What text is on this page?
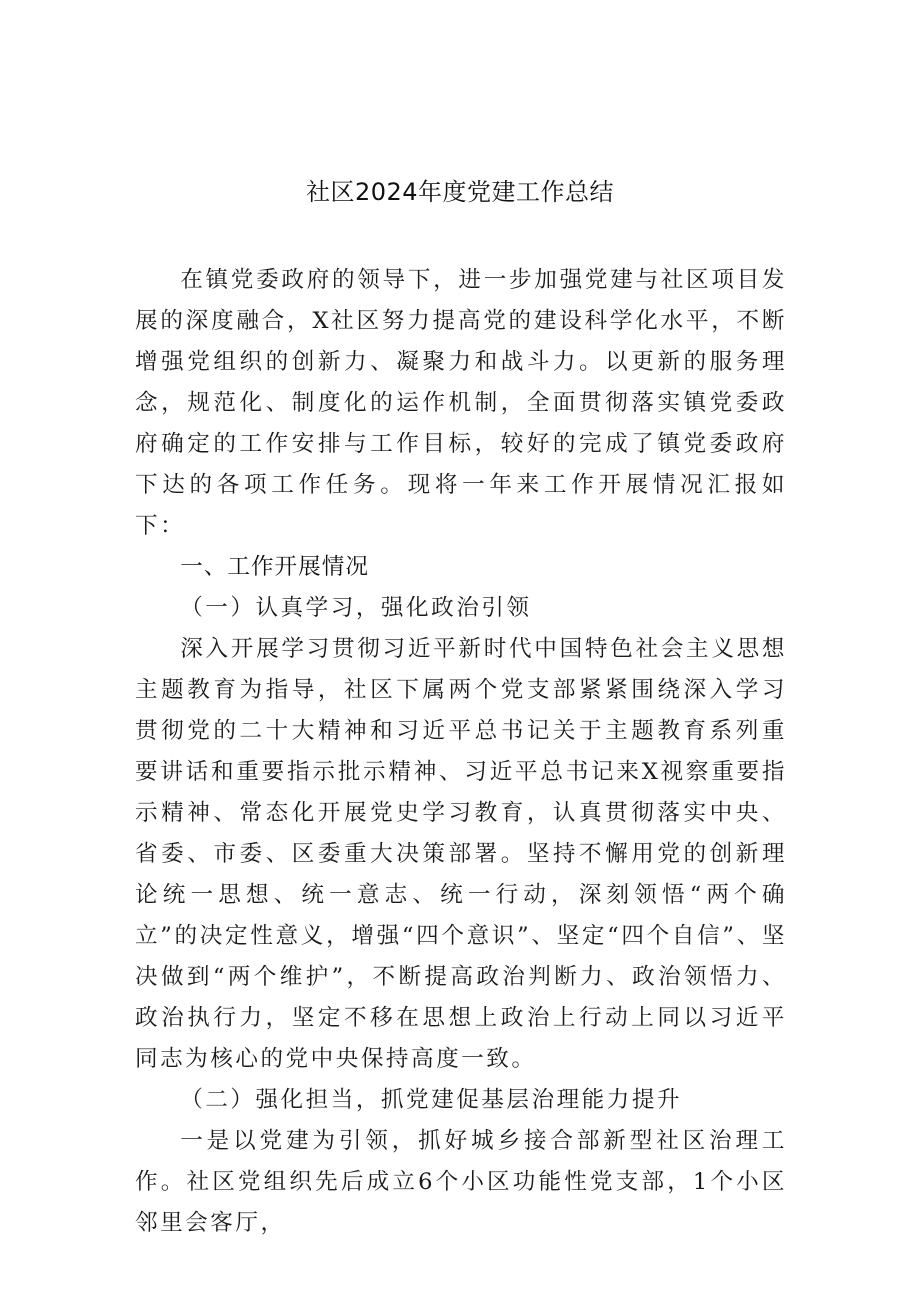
社区2024年度党建工作总结

在镇党委政府的领导下，进一步加强党建与社区项目发展的深度融合，X社区努力提高党的建设科学化水平，不断增强党组织的创新力、凝聚力和战斗力。以更新的服务理念，规范化、制度化的运作机制，全面贯彻落实镇党委政府确定的工作安排与工作目标，较好的完成了镇党委政府下达的各项工作任务。现将一年来工作开展情况汇报如下：

一、工作开展情况

（一）认真学习，强化政治引领

深入开展学习贯彻习近平新时代中国特色社会主义思想主题教育为指导，社区下属两个党支部紧紧围绕深入学习贯彻党的二十大精神和习近平总书记关于主题教育系列重要讲话和重要指示批示精神、习近平总书记来X视察重要指示精神、常态化开展党史学习教育，认真贯彻落实中央、省委、市委、区委重大决策部署。坚持不懈用党的创新理论统一思想、统一意志、统一行动，深刻领悟“两个确立”的决定性意义，增强“四个意识”、坚定“四个自信”、坚决做到“两个维护”，不断提高政治判断力、政治领悟力、政治执行力，坚定不移在思想上政治上行动上同以习近平同志为核心的党中央保持高度一致。

（二）强化担当，抓党建促基层治理能力提升

一是以党建为引领，抓好城乡接合部新型社区治理工作。社区党组织先后成立6个小区功能性党支部，1个小区邻里会客厅，
